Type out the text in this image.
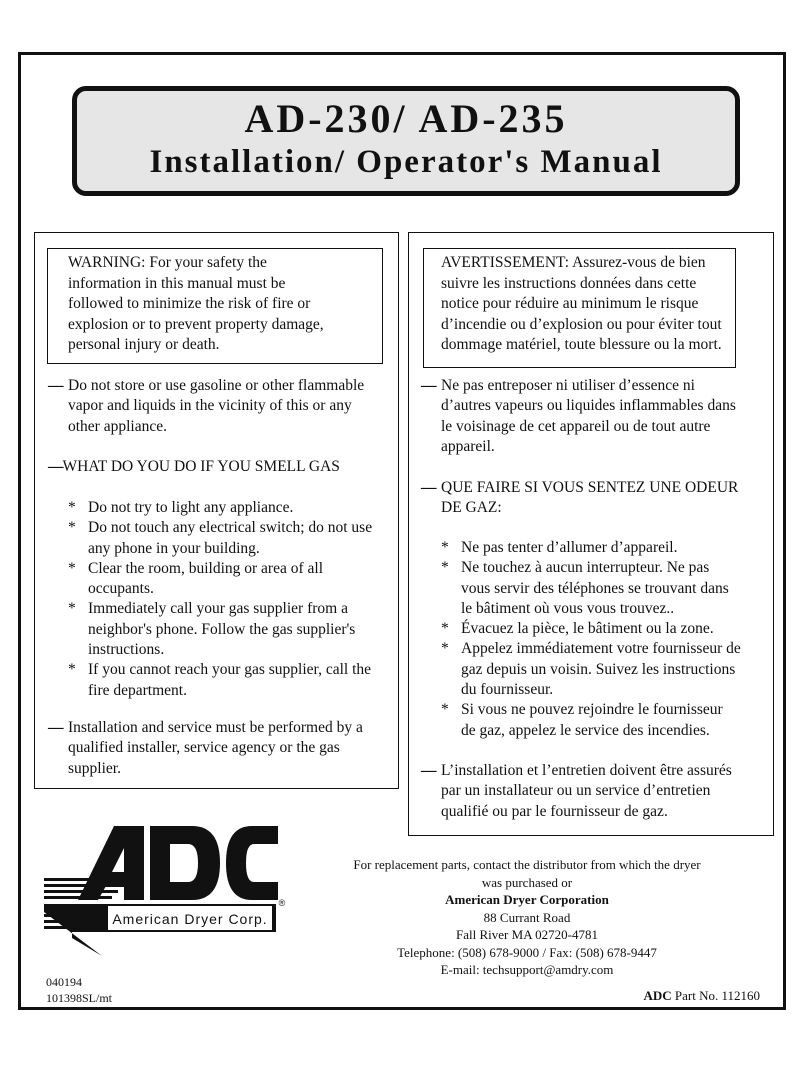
AD-230/ AD-235
Installation/ Operator's Manual
WARNING: For your safety the
information in this manual must be
followed to minimize the risk of fire or
explosion or to prevent property damage,
personal injury or death.
— Do not store or use gasoline or other flammable
vapor and liquids in the vicinity of this or any
other appliance.
—WHAT DO YOU DO IF YOU SMELL GAS
* Do not try to light any appliance.
* Do not touch any electrical switch; do not use
any phone in your building.
* Clear the room, building or area of all
occupants.
* Immediately call your gas supplier from a
neighbor's phone. Follow the gas supplier's
instructions.
* If you cannot reach your gas supplier, call the
fire department.
— Installation and service must be performed by a
qualified installer, service agency or the gas
supplier.
AVERTISSEMENT: Assurez-vous de bien
suivre les instructions données dans cette
notice pour réduire au minimum le risque
d’incendie ou d’explosion ou pour éviter tout
dommage matériel, toute blessure ou la mort.
— Ne pas entreposer ni utiliser d’essence ni
d’autres vapeurs ou liquides inflammables dans
le voisinage de cet appareil ou de tout autre
appareil.
— QUE FAIRE SI VOUS SENTEZ UNE ODEUR
DE GAZ:
* Ne pas tenter d’allumer d’appareil.
* Ne touchez à aucun interrupteur. Ne pas
vous servir des téléphones se trouvant dans
le bâtiment où vous vous trouvez..
* Évacuez la pièce, le bâtiment ou la zone.
* Appelez immédiatement votre fournisseur de
gaz depuis un voisin. Suivez les instructions
du fournisseur.
* Si vous ne pouvez rejoindre le fournisseur
de gaz, appelez le service des incendies.
— L’installation et l’entretien doivent être assurés
par un installateur ou un service d’entretien
qualifié ou par le fournisseur de gaz.
American Dryer Corp.
®
For replacement parts, contact the distributor from which the dryer
was purchased or
American Dryer Corporation
88 Currant Road
Fall River MA 02720-4781
Telephone: (508) 678-9000 / Fax: (508) 678-9447
E-mail: techsupport@amdry.com
040194
101398SL/mt	ADC Part No. 112160
